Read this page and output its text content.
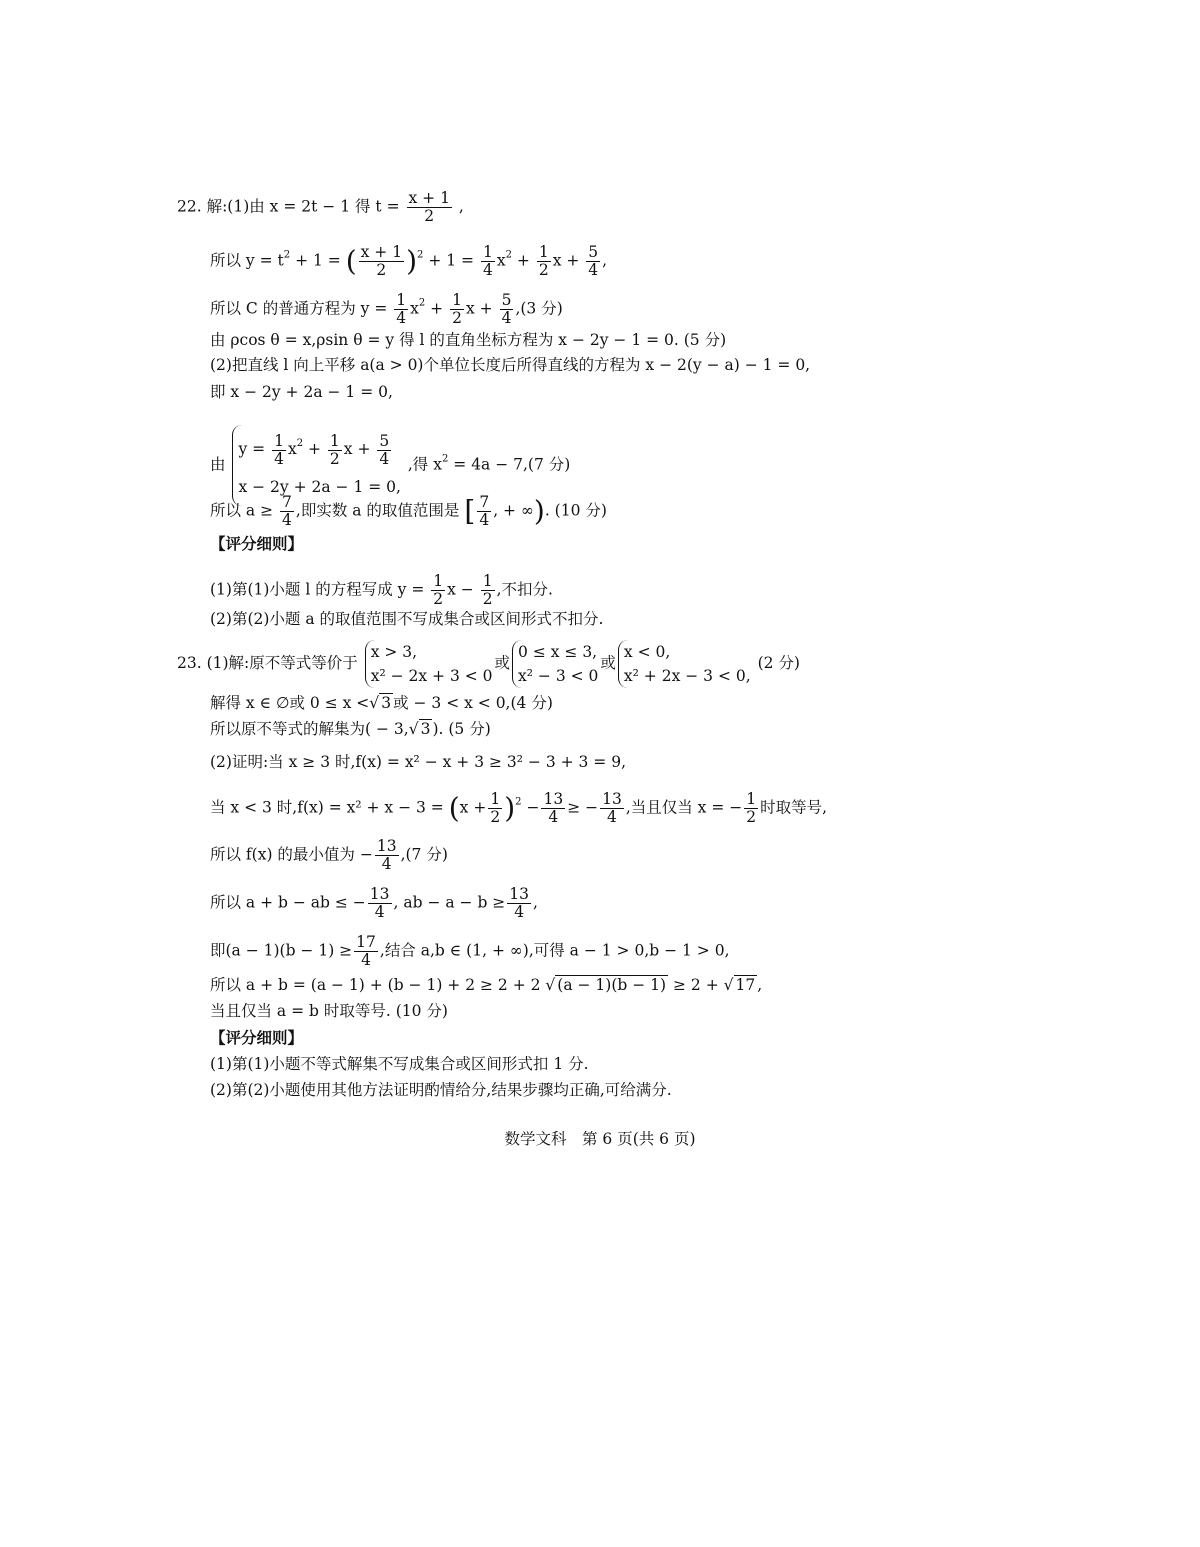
22. 解:(1)由 x = 2t − 1 得 $t = \frac{x + 1}{2}$ ,
所以 $y = t^2 + 1$ = ( $\frac{x + 1}{2} )^2 + 1 = \frac{1}{4} x^2 + \frac{1}{2}$ $x + \frac{5}{4}$ ,
所以 C 的普通方程为 $y = \frac{1}{4} x^2 + \frac{1}{2}$ $x + \frac{5}{4} ,(3$ 分)
由 ρcos θ = x,ρsin θ = y 得 l 的直角坐标方程为 x − 2y − 1 = 0. (5 分)
(2)把直线 l 向上平移 a(a > 0)个单位长度后所得直线的方程为 x − 2(y − a) − 1 = 0,
即 x − 2y + 2a − 1 = 0,
由
$y = \frac{1}{4} x^2 + \frac{1}{2}$ $x + \frac{5}{4}$
x − 2y + 2a − 1 = 0,
,得 $x^2 = 4a - 7,(7$ 分)
所以 $a \ge \frac{7}{4}$ ,即实数 a 的取值范围是 [ $\frac{7}{4}$ , + ∞). (10 分)
【评分细则】
(1)第(1)小题 l 的方程写成 $y = \frac{1}{2}$ $x - \frac{1}{2}$ ,不扣分.
(2)第(2)小题 a 的取值范围不写成集合或区间形式不扣分.
23. (1)解:原不等式等价于
x > 3,
x² − 2x + 3 < 0
或
0 ≤ x ≤ 3,
x² − 3 < 0
或
x < 0,
x² + 2x − 3 < 0,
(2 分)
解得 x ∈ ∅或 0 ≤ x <√ 3 或 − 3 < x < 0,(4 分)
所以原不等式的解集为( − 3,√ 3 ). (5 分)
(2)证明:当 x ≥ 3 时,f(x) = x² − x + 3 ≥ 3² − 3 + 3 = 9,
当 x < 3 时$,f(x) = x^2 + x - 3 = (x + \frac{1}{2} )^2 - \frac{13}{4}$ ≥ − $\frac{13}{4}$ ,当且仅当 x = − $\frac{1}{2}$ 时取等号,
所以 f(x) 的最小值为 − $\frac{13}{4} ,(7$ 分)
所以 a + b − ab ≤ − $\frac{13}{4}$ , ab − $a - b \ge \frac{13}{4}$ ,
即$(a - 1)(b - 1) \ge \frac{17}{4}$ ,结合 a,b ∈ (1, + ∞),可得 a − 1 > 0,b − 1 > 0,
所以 a + b = (a − 1) + (b − 1) + 2 ≥ 2 + 2 √ (a − 1)(b − 1) ≥ 2 + √ 17 ,
当且仅当 a = b 时取等号. (10 分)
【评分细则】
(1)第(1)小题不等式解集不写成集合或区间形式扣 1 分.
(2)第(2)小题使用其他方法证明酌情给分,结果步骤均正确,可给满分.
数学文科　第 6 页(共 6 页)
